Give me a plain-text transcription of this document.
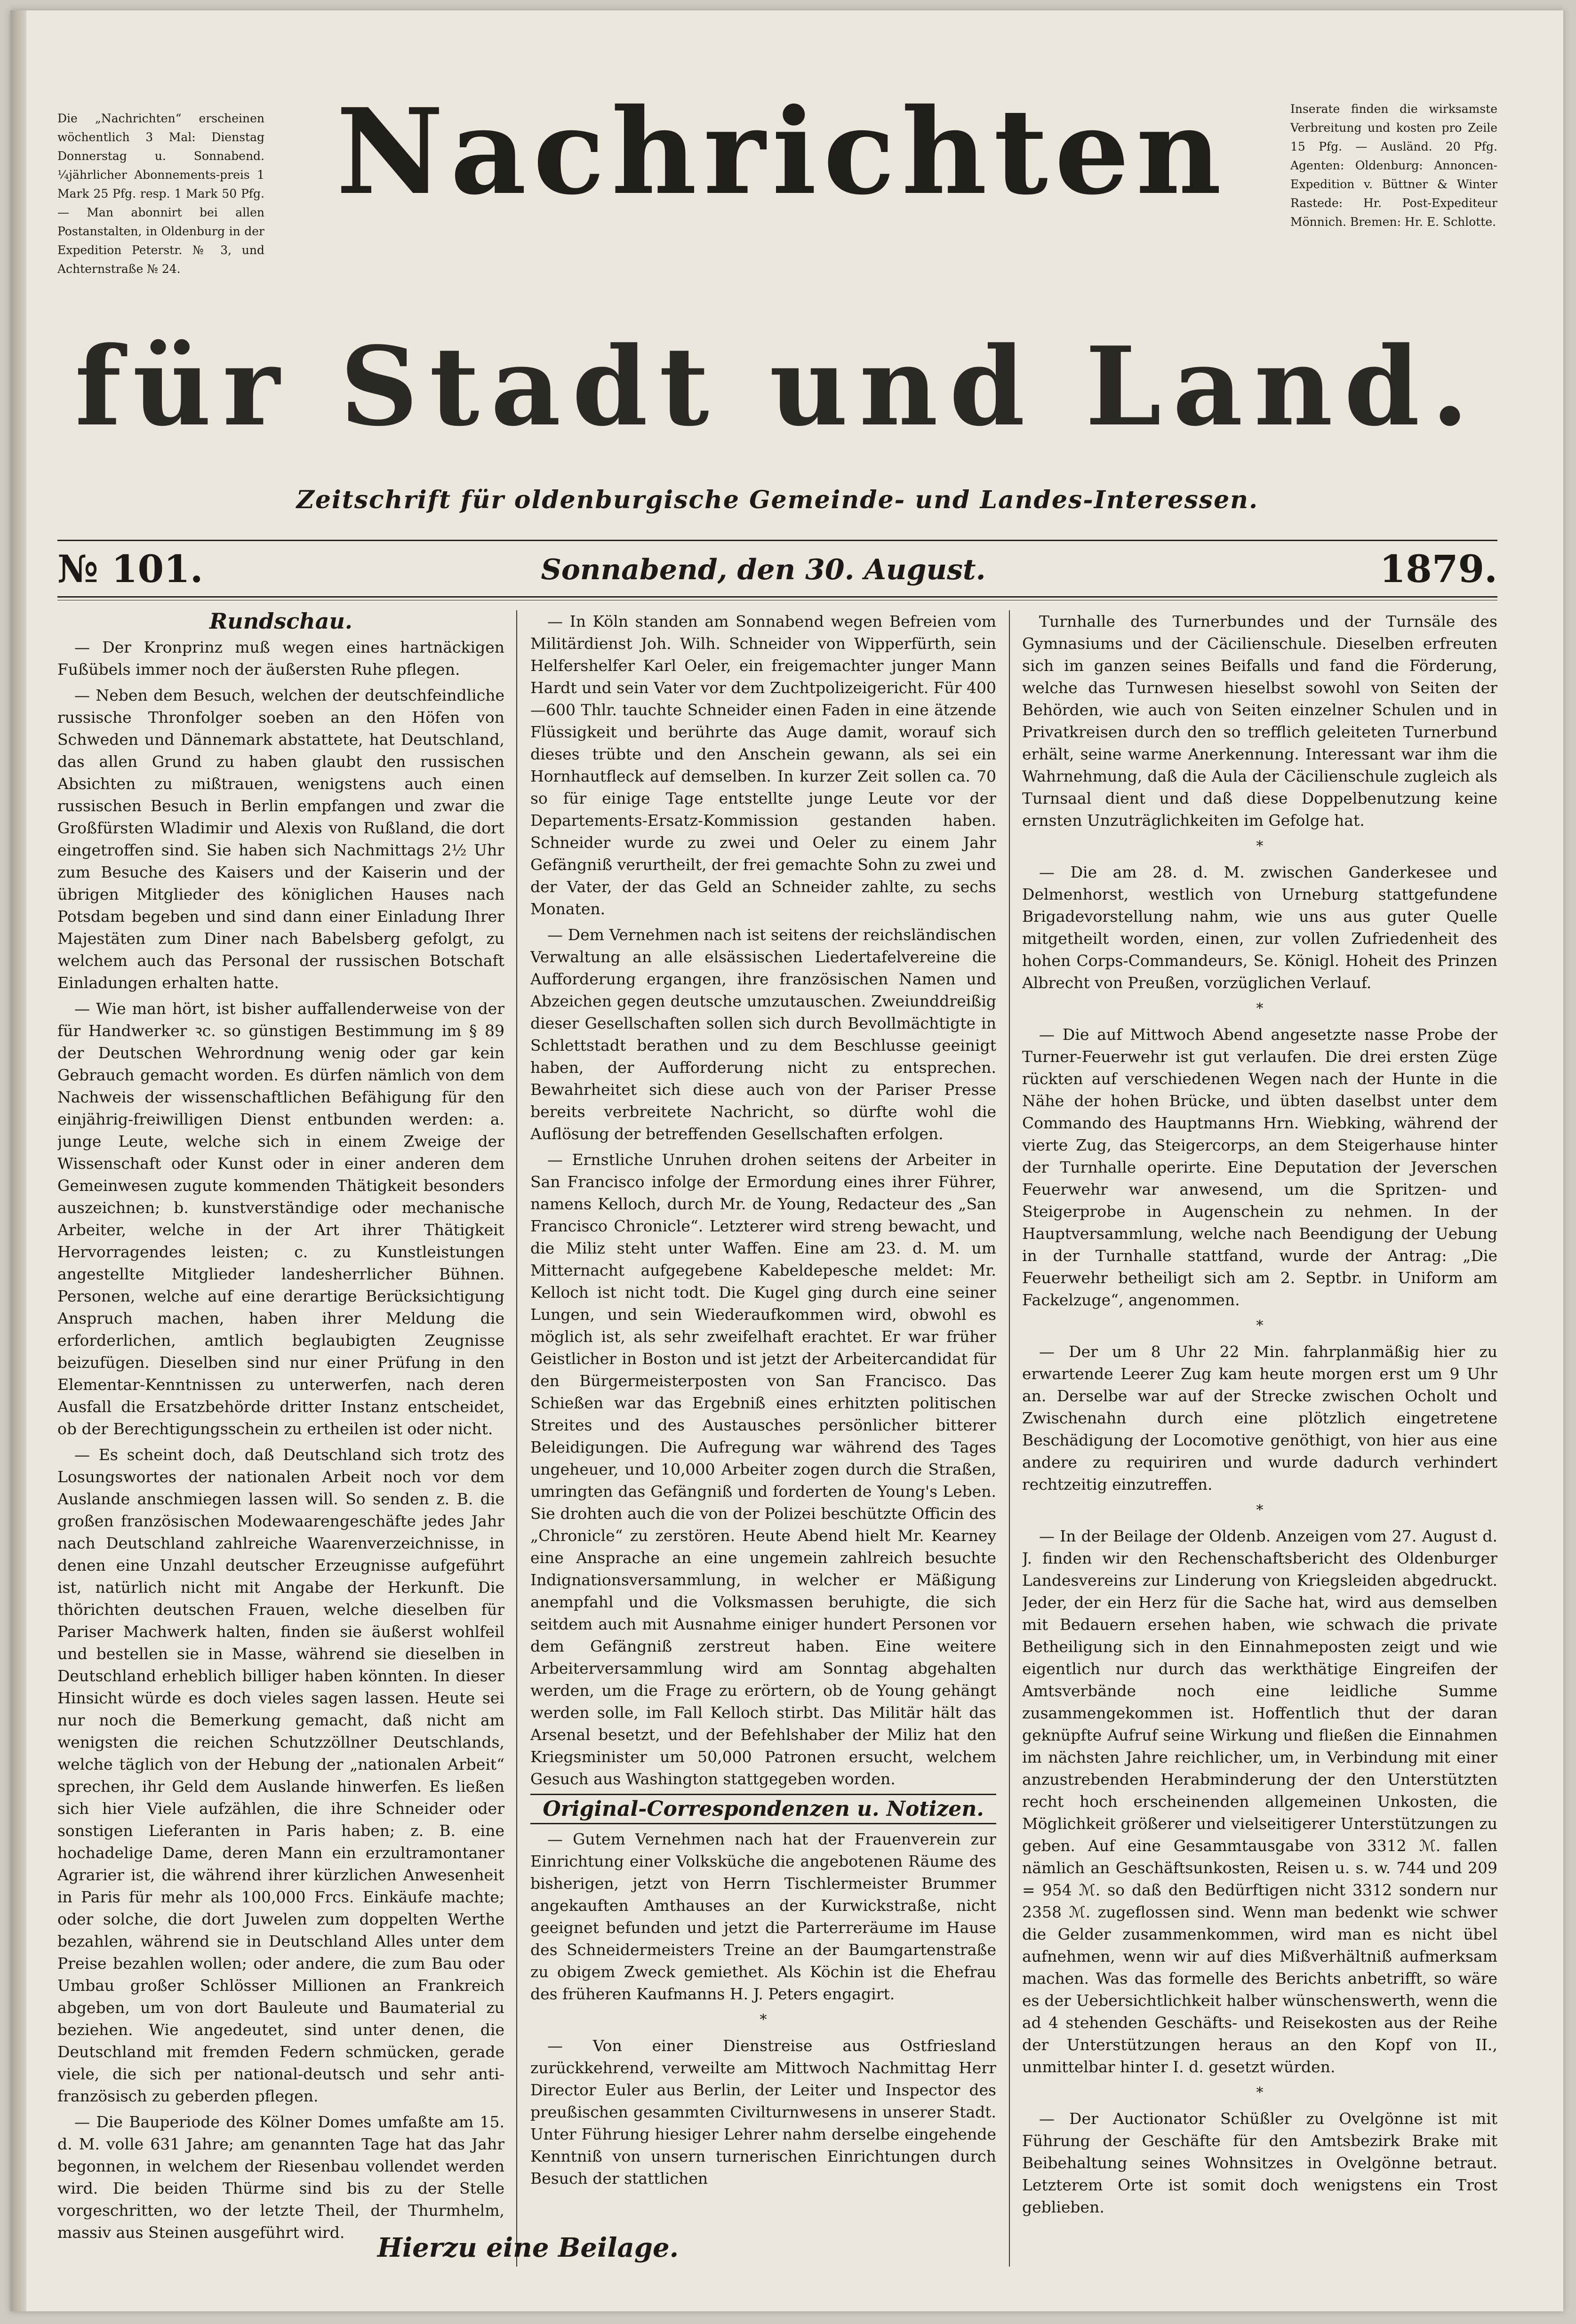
Die „Nachrichten“ erscheinen wöchentlich 3 Mal: Dienstag Donnerstag u. Sonnabend. ¼jährlicher Abonnements-preis 1 Mark 25 Pfg. resp. 1 Mark 50 Pfg. — Man abonnirt bei allen Postanstalten, in Oldenburg in der Expedition Peterstr. № 3, und Achternstraße № 24.
Nachrichten	Inserate finden die wirksamste Verbreitung und kosten pro Zeile 15 Pfg. — Ausländ. 20 Pfg. Agenten: Oldenburg: Annoncen-Expedition v. Büttner & Winter Rastede: Hr. Post-Expediteur Mönnich. Bremen: Hr. E. Schlotte.
für Stadt und Land.
Zeitschrift für oldenburgische Gemeinde- und Landes-Interessen.
№ 101.	Sonnabend, den 30. August.	1879.

Rundschau.

— Der Kronprinz muß wegen eines hartnäckigen Fußübels immer noch der äußersten Ruhe pflegen.

— Neben dem Besuch, welchen der deutschfeindliche russische Thronfolger soeben an den Höfen von Schweden und Dännemark abstattete, hat Deutschland, das allen Grund zu haben glaubt den russischen Absichten zu mißtrauen, wenigstens auch einen russischen Besuch in Berlin empfangen und zwar die Großfürsten Wladimir und Alexis von Rußland, die dort eingetroffen sind. Sie haben sich Nachmittags 2½ Uhr zum Besuche des Kaisers und der Kaiserin und der übrigen Mitglieder des königlichen Hauses nach Potsdam begeben und sind dann einer Einladung Ihrer Majestäten zum Diner nach Babelsberg gefolgt, zu welchem auch das Personal der russischen Botschaft Einladungen erhalten hatte.

— Wie man hört, ist bisher auffallenderweise von der für Handwerker ꝛc. so günstigen Bestimmung im § 89 der Deutschen Wehrordnung wenig oder gar kein Gebrauch gemacht worden. Es dürfen nämlich von dem Nachweis der wissenschaftlichen Befähigung für den einjährig-freiwilligen Dienst entbunden werden: a. junge Leute, welche sich in einem Zweige der Wissenschaft oder Kunst oder in einer anderen dem Gemeinwesen zugute kommenden Thätigkeit besonders auszeichnen; b. kunstverständige oder mechanische Arbeiter, welche in der Art ihrer Thätigkeit Hervorragendes leisten; c. zu Kunstleistungen angestellte Mitglieder landesherrlicher Bühnen. Personen, welche auf eine derartige Berücksichtigung Anspruch machen, haben ihrer Meldung die erforderlichen, amtlich beglaubigten Zeugnisse beizufügen. Dieselben sind nur einer Prüfung in den Elementar-Kenntnissen zu unterwerfen, nach deren Ausfall die Ersatzbehörde dritter Instanz entscheidet, ob der Berechtigungsschein zu ertheilen ist oder nicht.

— Es scheint doch, daß Deutschland sich trotz des Losungswortes der nationalen Arbeit noch vor dem Auslande anschmiegen lassen will. So senden z. B. die großen französischen Modewaarengeschäfte jedes Jahr nach Deutschland zahlreiche Waarenverzeichnisse, in denen eine Unzahl deutscher Erzeugnisse aufgeführt ist, natürlich nicht mit Angabe der Herkunft. Die thörichten deutschen Frauen, welche dieselben für Pariser Machwerk halten, finden sie äußerst wohlfeil und bestellen sie in Masse, während sie dieselben in Deutschland erheblich billiger haben könnten. In dieser Hinsicht würde es doch vieles sagen lassen. Heute sei nur noch die Bemerkung gemacht, daß nicht am wenigsten die reichen Schutzzöllner Deutschlands, welche täglich von der Hebung der „nationalen Arbeit“ sprechen, ihr Geld dem Auslande hinwerfen. Es ließen sich hier Viele aufzählen, die ihre Schneider oder sonstigen Lieferanten in Paris haben; z. B. eine hochadelige Dame, deren Mann ein erzultramontaner Agrarier ist, die während ihrer kürzlichen Anwesenheit in Paris für mehr als 100,000 Frcs. Einkäufe machte; oder solche, die dort Juwelen zum doppelten Werthe bezahlen, während sie in Deutschland Alles unter dem Preise bezahlen wollen; oder andere, die zum Bau oder Umbau großer Schlösser Millionen an Frankreich abgeben, um von dort Bauleute und Baumaterial zu beziehen. Wie angedeutet, sind unter denen, die Deutschland mit fremden Federn schmücken, gerade viele, die sich per national-deutsch und sehr anti-französisch zu geberden pflegen.

— Die Bauperiode des Kölner Domes umfaßte am 15. d. M. volle 631 Jahre; am genannten Tage hat das Jahr begonnen, in welchem der Riesenbau vollendet werden wird. Die beiden Thürme sind bis zu der Stelle vorgeschritten, wo der letzte Theil, der Thurmhelm, massiv aus Steinen ausgeführt wird.

— In Köln standen am Sonnabend wegen Befreien vom Militärdienst Joh. Wilh. Schneider von Wipperfürth, sein Helfershelfer Karl Oeler, ein freigemachter junger Mann Hardt und sein Vater vor dem Zuchtpolizeigericht. Für 400—600 Thlr. tauchte Schneider einen Faden in eine ätzende Flüssigkeit und berührte das Auge damit, worauf sich dieses trübte und den Anschein gewann, als sei ein Hornhautfleck auf demselben. In kurzer Zeit sollen ca. 70 so für einige Tage entstellte junge Leute vor der Departements-Ersatz-Kommission gestanden haben. Schneider wurde zu zwei und Oeler zu einem Jahr Gefängniß verurtheilt, der frei gemachte Sohn zu zwei und der Vater, der das Geld an Schneider zahlte, zu sechs Monaten.

— Dem Vernehmen nach ist seitens der reichsländischen Verwaltung an alle elsässischen Liedertafelvereine die Aufforderung ergangen, ihre französischen Namen und Abzeichen gegen deutsche umzutauschen. Zweiunddreißig dieser Gesellschaften sollen sich durch Bevollmächtigte in Schlettstadt berathen und zu dem Beschlusse geeinigt haben, der Aufforderung nicht zu entsprechen. Bewahrheitet sich diese auch von der Pariser Presse bereits verbreitete Nachricht, so dürfte wohl die Auflösung der betreffenden Gesellschaften erfolgen.

— Ernstliche Unruhen drohen seitens der Arbeiter in San Francisco infolge der Ermordung eines ihrer Führer, namens Kelloch, durch Mr. de Young, Redacteur des „San Francisco Chronicle“. Letzterer wird streng bewacht, und die Miliz steht unter Waffen. Eine am 23. d. M. um Mitternacht aufgegebene Kabeldepesche meldet: Mr. Kelloch ist nicht todt. Die Kugel ging durch eine seiner Lungen, und sein Wiederaufkommen wird, obwohl es möglich ist, als sehr zweifelhaft erachtet. Er war früher Geistlicher in Boston und ist jetzt der Arbeitercandidat für den Bürgermeisterposten von San Francisco. Das Schießen war das Ergebniß eines erhitzten politischen Streites und des Austausches persönlicher bitterer Beleidigungen. Die Aufregung war während des Tages ungeheuer, und 10,000 Arbeiter zogen durch die Straßen, umringten das Gefängniß und forderten de Young's Leben. Sie drohten auch die von der Polizei beschützte Officin des „Chronicle“ zu zerstören. Heute Abend hielt Mr. Kearney eine Ansprache an eine ungemein zahlreich besuchte Indignationsversammlung, in welcher er Mäßigung anempfahl und die Volksmassen beruhigte, die sich seitdem auch mit Ausnahme einiger hundert Personen vor dem Gefängniß zerstreut haben. Eine weitere Arbeiterversammlung wird am Sonntag abgehalten werden, um die Frage zu erörtern, ob de Young gehängt werden solle, im Fall Kelloch stirbt. Das Militär hält das Arsenal besetzt, und der Befehlshaber der Miliz hat den Kriegsminister um 50,000 Patronen ersucht, welchem Gesuch aus Washington stattgegeben worden.

Original-Correspondenzen u. Notizen.

— Gutem Vernehmen nach hat der Frauenverein zur Einrichtung einer Volksküche die angebotenen Räume des bisherigen, jetzt von Herrn Tischlermeister Brummer angekauften Amthauses an der Kurwickstraße, nicht geeignet befunden und jetzt die Parterreräume im Hause des Schneidermeisters Treine an der Baumgartenstraße zu obigem Zweck gemiethet. Als Köchin ist die Ehefrau des früheren Kaufmanns H. J. Peters engagirt.

*

— Von einer Dienstreise aus Ostfriesland zurückkehrend, verweilte am Mittwoch Nachmittag Herr Director Euler aus Berlin, der Leiter und Inspector des preußischen gesammten Civilturnwesens in unserer Stadt. Unter Führung hiesiger Lehrer nahm derselbe eingehende Kenntniß von unsern turnerischen Einrichtungen durch Besuch der stattlichen

Turnhalle des Turnerbundes und der Turnsäle des Gymnasiums und der Cäcilienschule. Dieselben erfreuten sich im ganzen seines Beifalls und fand die Förderung, welche das Turnwesen hieselbst sowohl von Seiten der Behörden, wie auch von Seiten einzelner Schulen und in Privatkreisen durch den so trefflich geleiteten Turnerbund erhält, seine warme Anerkennung. Interessant war ihm die Wahrnehmung, daß die Aula der Cäcilienschule zugleich als Turnsaal dient und daß diese Doppelbenutzung keine ernsten Unzuträglichkeiten im Gefolge hat.

*

— Die am 28. d. M. zwischen Ganderkesee und Delmenhorst, westlich von Urneburg stattgefundene Brigadevorstellung nahm, wie uns aus guter Quelle mitgetheilt worden, einen, zur vollen Zufriedenheit des hohen Corps-Commandeurs, Se. Königl. Hoheit des Prinzen Albrecht von Preußen, vorzüglichen Verlauf.

*

— Die auf Mittwoch Abend angesetzte nasse Probe der Turner-Feuerwehr ist gut verlaufen. Die drei ersten Züge rückten auf verschiedenen Wegen nach der Hunte in die Nähe der hohen Brücke, und übten daselbst unter dem Commando des Hauptmanns Hrn. Wiebking, während der vierte Zug, das Steigercorps, an dem Steigerhause hinter der Turnhalle operirte. Eine Deputation der Jeverschen Feuerwehr war anwesend, um die Spritzen- und Steigerprobe in Augenschein zu nehmen. In der Hauptversammlung, welche nach Beendigung der Uebung in der Turnhalle stattfand, wurde der Antrag: „Die Feuerwehr betheiligt sich am 2. Septbr. in Uniform am Fackelzuge“, angenommen.

*

— Der um 8 Uhr 22 Min. fahrplanmäßig hier zu erwartende Leerer Zug kam heute morgen erst um 9 Uhr an. Derselbe war auf der Strecke zwischen Ocholt und Zwischenahn durch eine plötzlich eingetretene Beschädigung der Locomotive genöthigt, von hier aus eine andere zu requiriren und wurde dadurch verhindert rechtzeitig einzutreffen.

*

— In der Beilage der Oldenb. Anzeigen vom 27. August d. J. finden wir den Rechenschaftsbericht des Oldenburger Landesvereins zur Linderung von Kriegsleiden abgedruckt. Jeder, der ein Herz für die Sache hat, wird aus demselben mit Bedauern ersehen haben, wie schwach die private Betheiligung sich in den Einnahmeposten zeigt und wie eigentlich nur durch das werkthätige Eingreifen der Amtsverbände noch eine leidliche Summe zusammengekommen ist. Hoffentlich thut der daran geknüpfte Aufruf seine Wirkung und fließen die Einnahmen im nächsten Jahre reichlicher, um, in Verbindung mit einer anzustrebenden Herabminderung der den Unterstützten recht hoch erscheinenden allgemeinen Unkosten, die Möglichkeit größerer und vielseitigerer Unterstützungen zu geben. Auf eine Gesammtausgabe von 3312 ℳ. fallen nämlich an Geschäftsunkosten, Reisen u. s. w. 744 und 209 = 954 ℳ. so daß den Bedürftigen nicht 3312 sondern nur 2358 ℳ. zugeflossen sind. Wenn man bedenkt wie schwer die Gelder zusammenkommen, wird man es nicht übel aufnehmen, wenn wir auf dies Mißverhältniß aufmerksam machen. Was das formelle des Berichts anbetrifft, so wäre es der Uebersichtlichkeit halber wünschenswerth, wenn die ad 4 stehenden Geschäfts- und Reisekosten aus der Reihe der Unterstützungen heraus an den Kopf von II., unmittelbar hinter I. d. gesetzt würden.

*

— Der Auctionator Schüßler zu Ovelgönne ist mit Führung der Geschäfte für den Amtsbezirk Brake mit Beibehaltung seines Wohnsitzes in Ovelgönne betraut. Letzterem Orte ist somit doch wenigstens ein Trost geblieben.

Hierzu eine Beilage.
